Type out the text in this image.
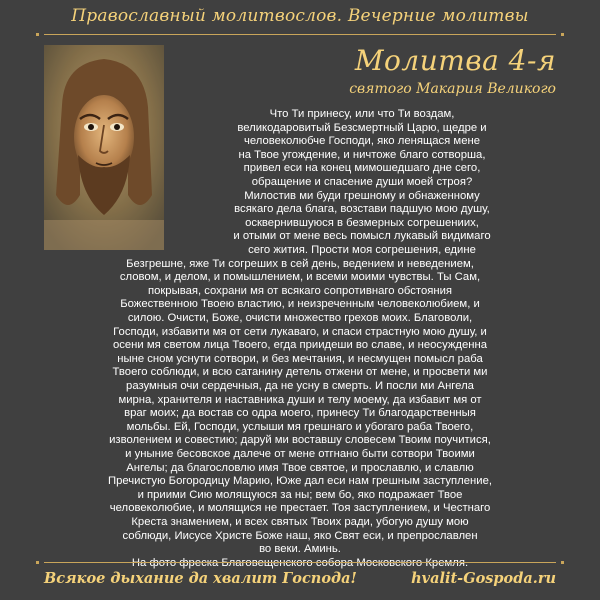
Православный молитвослов. Вечерние молитвы
Молитва 4-я
святого Макария Великого
Что Ти принесу, или что Ти воздам,
великодаровитый Безсмертный Царю, щедре и
человеколюбче Господи, яко ленящася мене
на Твое угождение, и ничтоже благо сотворша,
привел еси на конец мимошедшаго дне сего,
обращение и спасение души моей строя?
Милостив ми буди грешному и обнаженному
всякаго дела блага, возстави падшую мою душу,
осквернившуюся в безмерных согрешениих,
и отыми от мене весь помысл лукавый видимаго
сего жития. Прости моя согрешения, едине
Безгрешне, яже Ти согреших в сей день, ведением и неведением,
словом, и делом, и помышлением, и всеми моими чувствы. Ты Сам,
покрывая, сохрани мя от всякаго сопротивнаго обстояния
Божественною Твоею властию, и неизреченным человеколюбием, и
силою. Очисти, Боже, очисти множество грехов моих. Благоволи,
Господи, избавити мя от сети лукаваго, и спаси страстную мою душу, и
осени мя светом лица Твоего, егда приидеши во славе, и неосужденна
ныне сном уснути сотвори, и без мечтания, и несмущен помысл раба
Твоего соблюди, и всю сатанину детель отжени от мене, и просвети ми
разумныя очи сердечныя, да не усну в смерть. И посли ми Ангела
мирна, хранителя и наставника души и телу моему, да избавит мя от
враг моих; да востав со одра моего, принесу Ти благодарственныя
мольбы. Ей, Господи, услыши мя грешнаго и убогаго раба Твоего,
изволением и совестию; даруй ми воставшу словесем Твоим поучитися,
и уныние бесовское далече от мене отгнано быти сотвори Твоими
Ангелы; да благословлю имя Твое святое, и прославлю, и славлю
Пречистую Богородицу Марию, Юже дал еси нам грешным заступление,
и приими Сию молящуюся за ны; вем бо, яко подражает Твое
человеколюбие, и молящися не престает. Тоя заступлением, и Честнаго
Креста знамением, и всех святых Твоих ради, убогую душу мою
соблюди, Иисусе Христе Боже наш, яко Свят еси, и препрославлен
во веки. Аминь.
Всякое дыхание да хвалит Господа!	hvalit-Gospoda.ru
